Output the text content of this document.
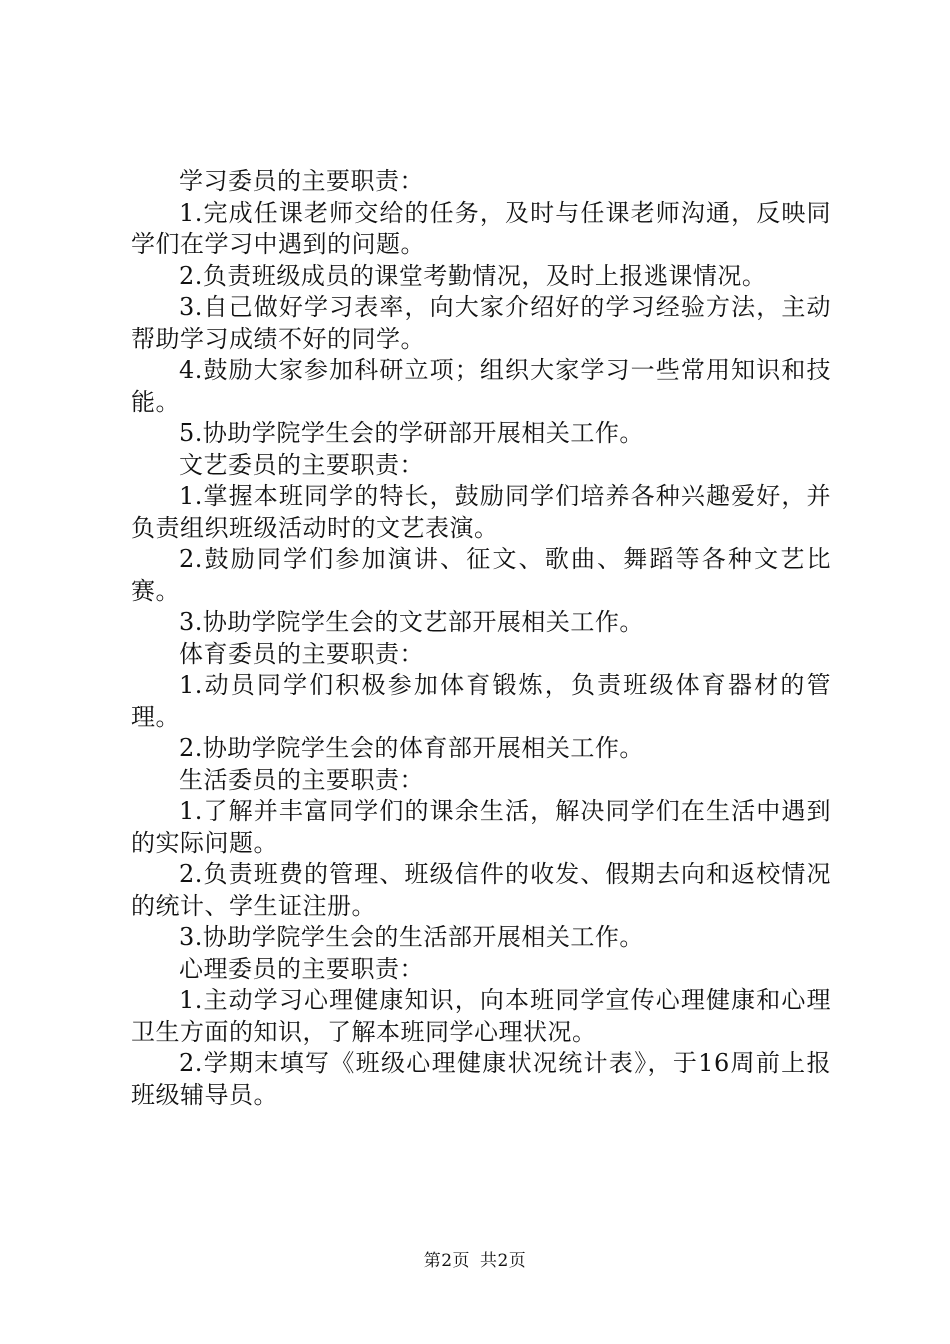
学习委员的主要职责：

1.完成任课老师交给的任务，及时与任课老师沟通，反映同学们在学习中遇到的问题。

2.负责班级成员的课堂考勤情况，及时上报逃课情况。

3.自己做好学习表率，向大家介绍好的学习经验方法，主动帮助学习成绩不好的同学。

4.鼓励大家参加科研立项；组织大家学习一些常用知识和技能。

5.协助学院学生会的学研部开展相关工作。

文艺委员的主要职责：

1.掌握本班同学的特长，鼓励同学们培养各种兴趣爱好，并负责组织班级活动时的文艺表演。

2.鼓励同学们参加演讲、征文、歌曲、舞蹈等各种文艺比赛。

3.协助学院学生会的文艺部开展相关工作。

体育委员的主要职责：

1.动员同学们积极参加体育锻炼，负责班级体育器材的管理。

2.协助学院学生会的体育部开展相关工作。

生活委员的主要职责：

1.了解并丰富同学们的课余生活，解决同学们在生活中遇到的实际问题。

2.负责班费的管理、班级信件的收发、假期去向和返校情况的统计、学生证注册。

3.协助学院学生会的生活部开展相关工作。

心理委员的主要职责：

1.主动学习心理健康知识，向本班同学宣传心理健康和心理卫生方面的知识，了解本班同学心理状况。

2.学期末填写《班级心理健康状况统计表》，于16周前上报班级辅导员。

第2页 共2页
